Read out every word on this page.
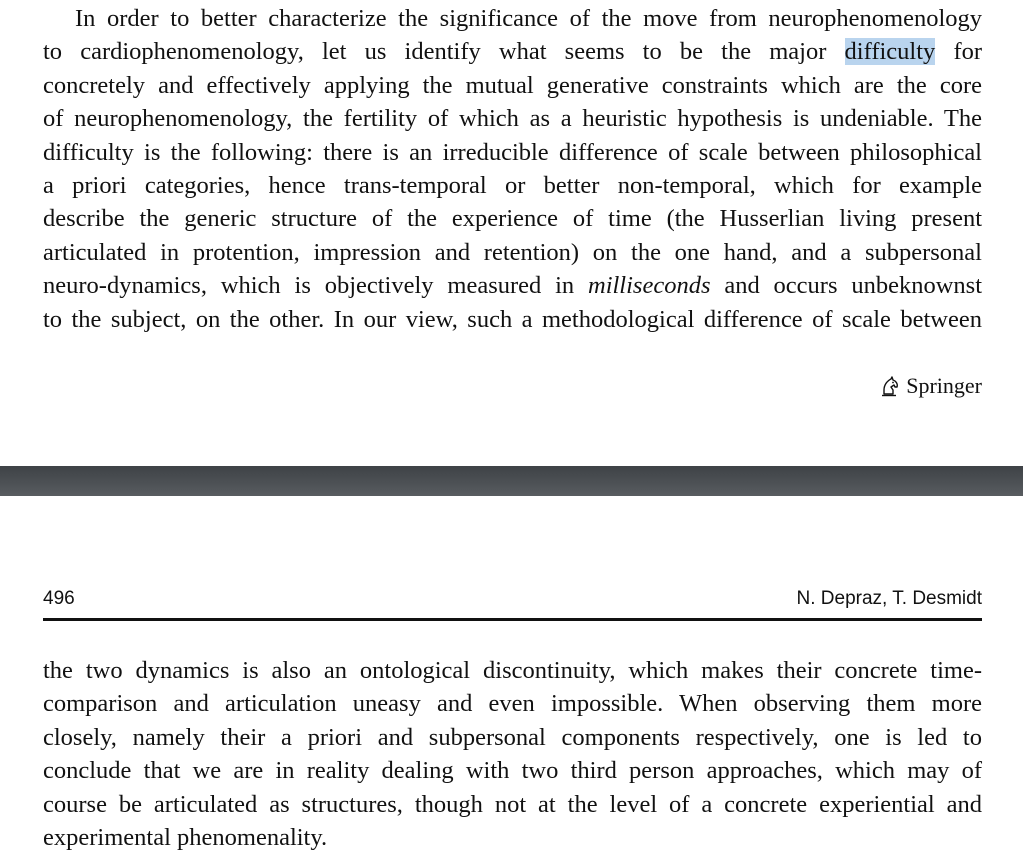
In order to better characterize the significance of the move from neurophenomenology
to cardiophenomenology, let us identify what seems to be the major difficulty for
concretely and effectively applying the mutual generative constraints which are the core
of neurophenomenology, the fertility of which as a heuristic hypothesis is undeniable. The
difficulty is the following: there is an irreducible difference of scale between philosophical
a priori categories, hence trans-temporal or better non-temporal, which for example
describe the generic structure of the experience of time (the Husserlian living present
articulated in protention, impression and retention) on the one hand, and a subpersonal
neuro-dynamics, which is objectively measured in milliseconds and occurs unbeknownst
to the subject, on the other. In our view, such a methodological difference of scale between

Springer
496	N. Depraz, T. Desmidt

the two dynamics is also an ontological discontinuity, which makes their concrete time-
comparison and articulation uneasy and even impossible. When observing them more
closely, namely their a priori and subpersonal components respectively, one is led to
conclude that we are in reality dealing with two third person approaches, which may of
course be articulated as structures, though not at the level of a concrete experiential and
experimental phenomenality.
